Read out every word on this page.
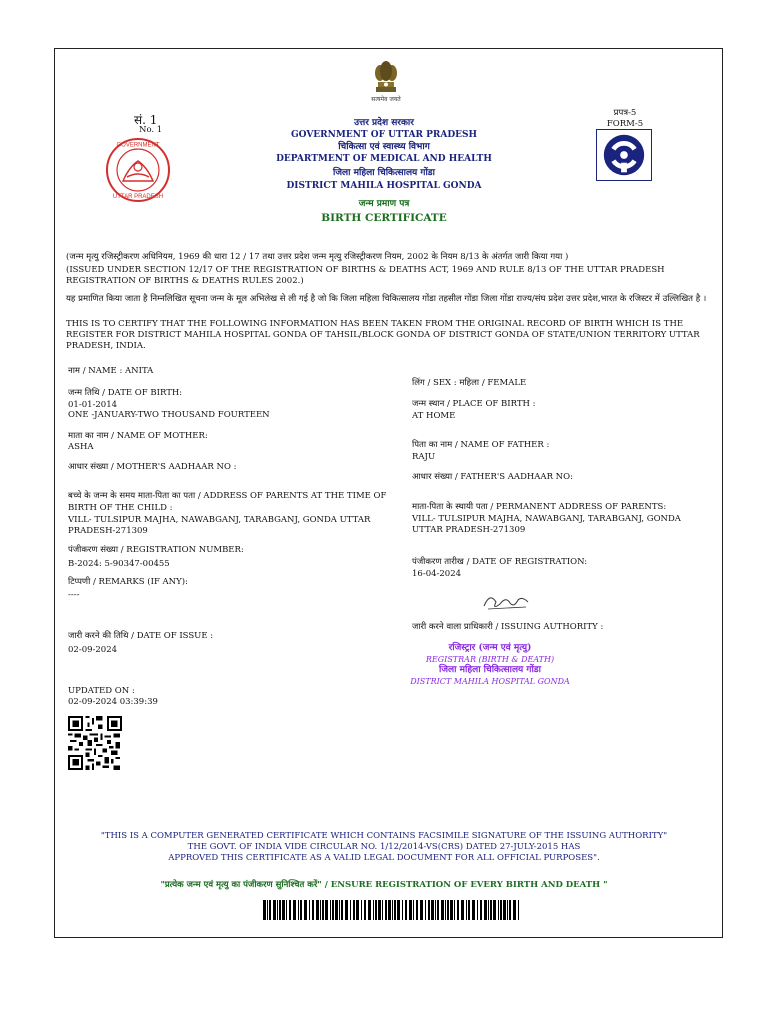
सत्यमेव जयते
सं. 1
No. 1
GOVERNMENT
UTTAR PRADESH
प्रपत्र-5
FORM-5
उत्तर प्रदेश सरकार
GOVERNMENT OF UTTAR PRADESH
चिकित्सा एवं स्वास्थ्य विभाग
DEPARTMENT OF MEDICAL AND HEALTH
जिला महिला चिकित्सालय गोंडा
DISTRICT MAHILA HOSPITAL GONDA
जन्म प्रमाण पत्र
BIRTH CERTIFICATE
(जन्म मृत्यु रजिस्ट्रीकरण अधिनियम, 1969 की धारा 12 / 17 तथा उत्तर प्रदेश जन्म मृत्यु रजिस्ट्रीकरण नियम, 2002 के नियम 8/13 के अंतर्गत जारी किया गया )
(ISSUED UNDER SECTION 12/17 OF THE REGISTRATION OF BIRTHS & DEATHS ACT, 1969 AND RULE 8/13 OF THE UTTAR PRADESH REGISTRATION OF BIRTHS & DEATHS RULES 2002.)
यह प्रमाणित किया जाता है निम्नलिखित सूचना जन्म के मूल अभिलेख से ली गई है जो कि जिला महिला चिकित्सालय गोंडा तहसील गोंडा जिला गोंडा राज्य/संघ प्रदेश उत्तर प्रदेश,भारत के रजिस्टर में उल्लिखित है ।
THIS IS TO CERTIFY THAT THE FOLLOWING INFORMATION HAS BEEN TAKEN FROM THE ORIGINAL RECORD OF BIRTH WHICH IS THE REGISTER FOR DISTRICT MAHILA HOSPITAL GONDA OF TAHSIL/BLOCK GONDA OF DISTRICT GONDA OF STATE/UNION TERRITORY UTTAR PRADESH, INDIA.
नाम / NAME : ANITA
जन्म तिथि / DATE OF BIRTH:
01-01-2014
ONE -JANUARY-TWO THOUSAND FOURTEEN
माता का नाम / NAME OF MOTHER:
ASHA
आधार संख्या / MOTHER'S AADHAAR NO :
बच्चे के जन्म के समय माता-पिता का पता / ADDRESS OF PARENTS AT THE TIME OF BIRTH OF THE CHILD :
VILL- TULSIPUR MAJHA, NAWABGANJ, TARABGANJ, GONDA UTTAR PRADESH-271309
पंजीकरण संख्या / REGISTRATION NUMBER:
B-2024: 5-90347-00455
टिप्पणी / REMARKS (IF ANY):
----
जारी करने की तिथि / DATE OF ISSUE :
02-09-2024
UPDATED ON :
02-09-2024 03:39:39
लिंग / SEX : महिला / FEMALE
जन्म स्थान / PLACE OF BIRTH :
AT HOME
पिता का नाम / NAME OF FATHER :
RAJU
आधार संख्या / FATHER'S AADHAAR NO:
माता-पिता के स्थायी पता / PERMANENT ADDRESS OF PARENTS:
VILL- TULSIPUR MAJHA, NAWABGANJ, TARABGANJ, GONDA UTTAR PRADESH-271309
पंजीकरण तारीख / DATE OF REGISTRATION:
16-04-2024
जारी करने वाला प्राधिकारी / ISSUING AUTHORITY :
रजिस्ट्रार (जन्म एवं मृत्यु)
REGISTRAR (BIRTH & DEATH)
जिला महिला चिकित्सालय गोंडा
DISTRICT MAHILA HOSPITAL GONDA
"THIS IS A COMPUTER GENERATED CERTIFICATE WHICH CONTAINS FACSIMILE SIGNATURE OF THE ISSUING AUTHORITY"
THE GOVT. OF INDIA VIDE CIRCULAR NO. 1/12/2014-VS(CRS) DATED 27-JULY-2015 HAS
APPROVED THIS CERTIFICATE AS A VALID LEGAL DOCUMENT FOR ALL OFFICIAL PURPOSES".
"प्रत्येक जन्म एवं मृत्यु का पंजीकरण सुनिश्चित करें" / ENSURE REGISTRATION OF EVERY BIRTH AND DEATH "
